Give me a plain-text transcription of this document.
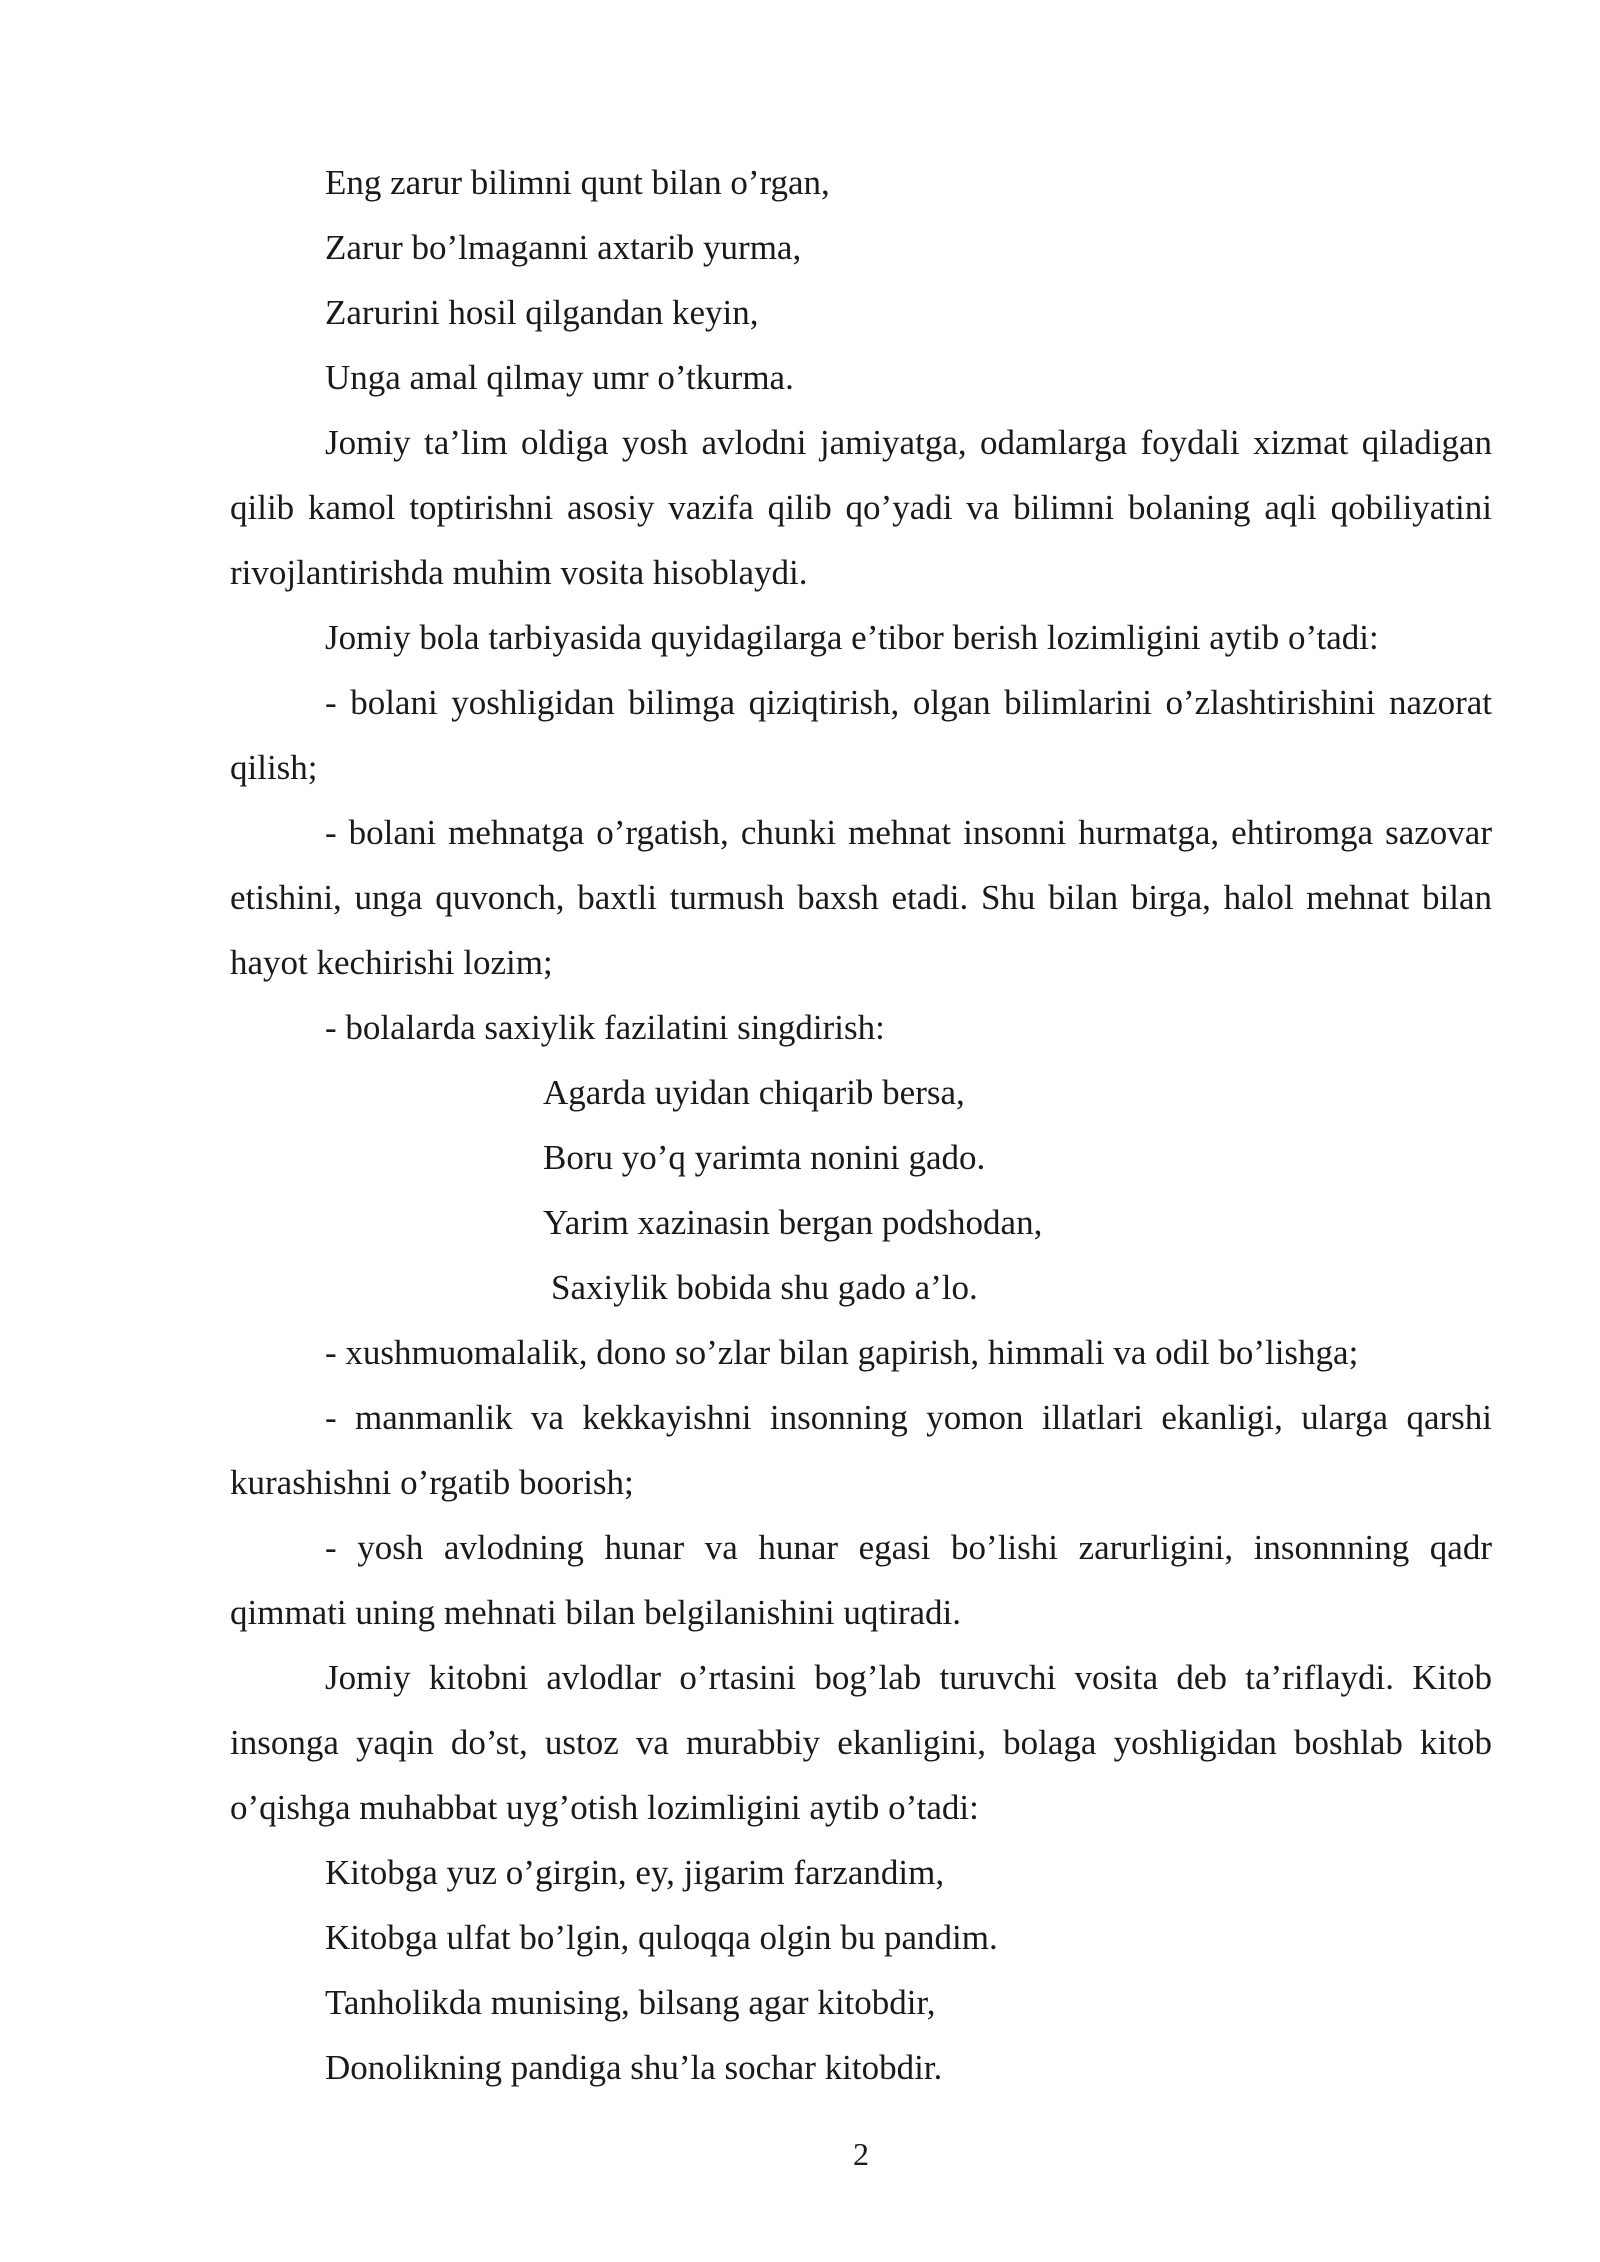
Eng zarur bilimni qunt bilan o’rgan,

Zarur bo’lmaganni axtarib yurma,

Zarurini hosil qilgandan keyin,

Unga amal qilmay umr o’tkurma.

Jomiy ta’lim oldiga yosh avlodni jamiyatga, odamlarga foydali xizmat qiladigan qilib kamol toptirishni asosiy vazifa qilib qo’yadi va bilimni bolaning aqli qobiliyatini rivojlantirishda muhim vosita hisoblaydi.

Jomiy bola tarbiyasida quyidagilarga e’tibor berish lozimligini aytib o’tadi:

- bolani yoshligidan bilimga qiziqtirish, olgan bilimlarini o’zlashtirishini nazorat qilish;

- bolani mehnatga o’rgatish, chunki mehnat insonni hurmatga, ehtiromga sazovar etishini, unga quvonch, baxtli turmush baxsh etadi. Shu bilan birga, halol mehnat bilan hayot kechirishi lozim;

- bolalarda saxiylik fazilatini singdirish:

Agarda uyidan chiqarib bersa,

Boru yo’q yarimta nonini gado.

Yarim xazinasin bergan podshodan,

Saxiylik bobida shu gado a’lo.

- xushmuomalalik, dono so’zlar bilan gapirish, himmali va odil bo’lishga;

- manmanlik va kekkayishni insonning yomon illatlari ekanligi, ularga qarshi kurashishni o’rgatib boorish;

- yosh avlodning hunar va hunar egasi bo’lishi zarurligini, insonnning qadr qimmati uning mehnati bilan belgilanishini uqtiradi.

Jomiy kitobni avlodlar o’rtasini bog’lab turuvchi vosita deb ta’riflaydi. Kitob insonga yaqin do’st, ustoz va murabbiy ekanligini, bolaga yoshligidan boshlab kitob o’qishga muhabbat uyg’otish lozimligini aytib o’tadi:

Kitobga yuz o’girgin, ey, jigarim farzandim,

Kitobga ulfat bo’lgin, quloqqa olgin bu pandim.

Tanholikda munising, bilsang agar kitobdir,

Donolikning pandiga shu’la sochar kitobdir.

2
